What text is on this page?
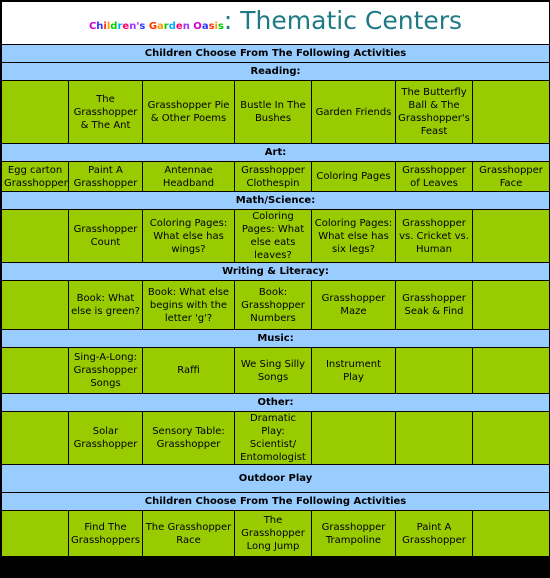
Children's Garden Oasis: Thematic Centers						
Children Choose From The Following Activities						
Reading:						
	The Grasshopper & The Ant	Grasshopper Pie & Other Poems	Bustle In The Bushes	Garden Friends	The Butterfly Ball & The Grasshopper's Feast	
Art:						
Egg carton Grasshopper	Paint A Grasshopper	Antennae Headband	Grasshopper Clothespin	Coloring Pages	Grasshopper of Leaves	Grasshopper Face
Math/Science:						
	Grasshopper Count	Coloring Pages: What else has wings?	Coloring Pages: What else eats leaves?	Coloring Pages: What else has six legs?	Grasshopper vs. Cricket vs. Human	
Writing & Literacy:						
	Book: What else is green?	Book: What else begins with the letter 'g'?	Book: Grasshopper Numbers	Grasshopper Maze	Grasshopper Seak & Find	
Music:						
	Sing-A-Long: Grasshopper Songs	Raffi	We Sing Silly Songs	Instrument Play		
Other:						
	Solar Grasshopper	Sensory Table: Grasshopper	Dramatic Play: Scientist/ Entomologist			
Outdoor Play						
Children Choose From The Following Activities						
	Find The Grasshoppers	The Grasshopper Race	The Grasshopper Long Jump	Grasshopper Trampoline	Paint A Grasshopper	
